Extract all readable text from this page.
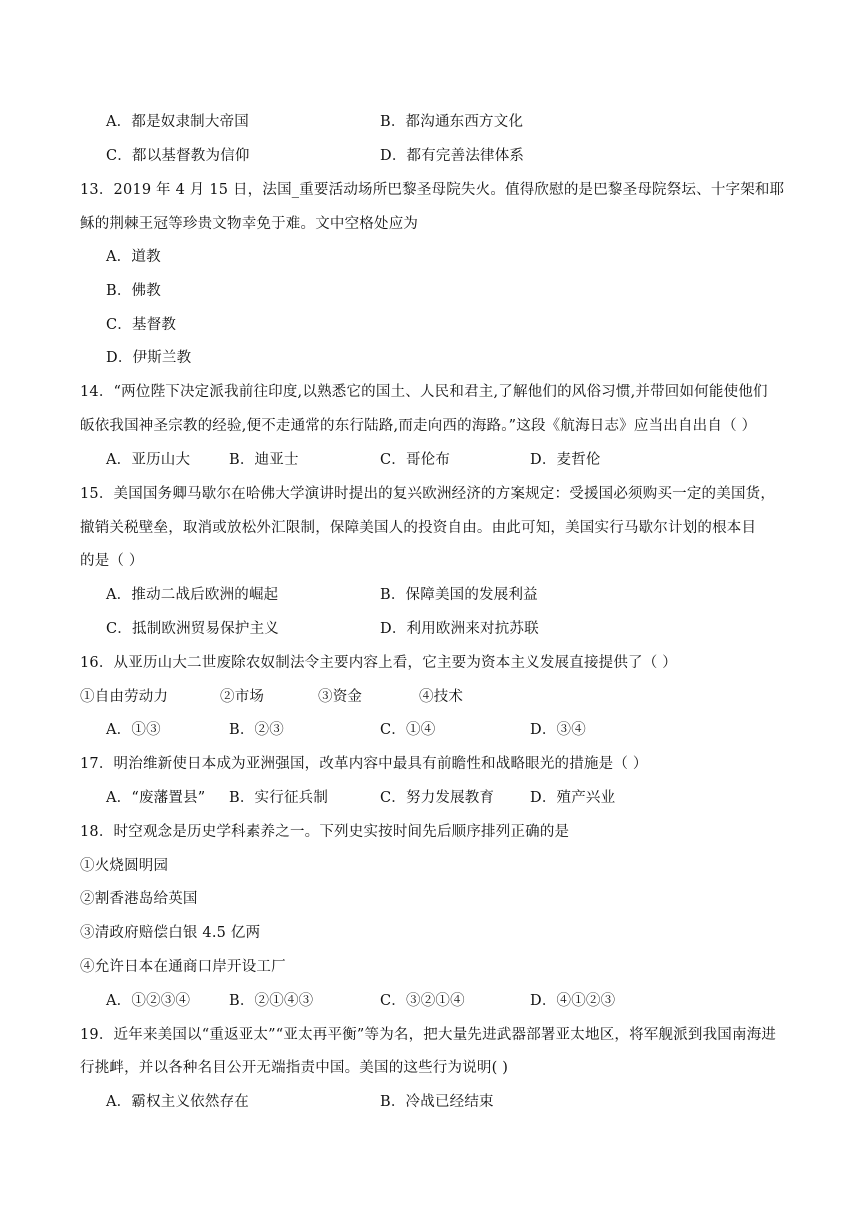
A．都是奴隶制大帝国	B．都沟通东西方文化
C．都以基督教为信仰	D．都有完善法律体系
13．2019 年 4 月 15 日，法国_重要活动场所巴黎圣母院失火。值得欣慰的是巴黎圣母院祭坛、十字架和耶
稣的荆棘王冠等珍贵文物幸免于难。文中空格处应为
A．道教
B．佛教
C．基督教
D．伊斯兰教
14．“两位陛下决定派我前往印度,以熟悉它的国土、人民和君主,了解他们的风俗习惯,并带回如何能使他们
皈依我国神圣宗教的经验,便不走通常的东行陆路,而走向西的海路。”这段《航海日志》应当出自出自（ ）
A．亚历山大	B．迪亚士	C．哥伦布	D．麦哲伦
15．美国国务卿马歇尔在哈佛大学演讲时提出的复兴欧洲经济的方案规定：受援国必须购买一定的美国货，
撤销关税壁垒，取消或放松外汇限制，保障美国人的投资自由。由此可知，美国实行马歇尔计划的根本目
的是（ ）
A．推动二战后欧洲的崛起	B．保障美国的发展利益
C．抵制欧洲贸易保护主义	D．利用欧洲来对抗苏联
16．从亚历山大二世废除农奴制法令主要内容上看，它主要为资本主义发展直接提供了（ ）
①自由劳动力	②市场	③资金	④技术
A．①③	B．②③	C．①④	D．③④
17．明治维新使日本成为亚洲强国，改革内容中最具有前瞻性和战略眼光的措施是（ ）
A．“废藩置县” B．实行征兵制	C．努力发展教育 D．殖产兴业
18．时空观念是历史学科素养之一。下列史实按时间先后顺序排列正确的是
①火烧圆明园
②割香港岛给英国
③清政府赔偿白银 4.5 亿两
④允许日本在通商口岸开设工厂
A．①②③④	B．②①④③	C．③②①④	D．④①②③
19．近年来美国以“重返亚太”“亚太再平衡”等为名，把大量先进武器部署亚太地区，将军舰派到我国南海进
行挑衅，并以各种名目公开无端指责中国。美国的这些行为说明( )
A．霸权主义依然存在	B．冷战已经结束
